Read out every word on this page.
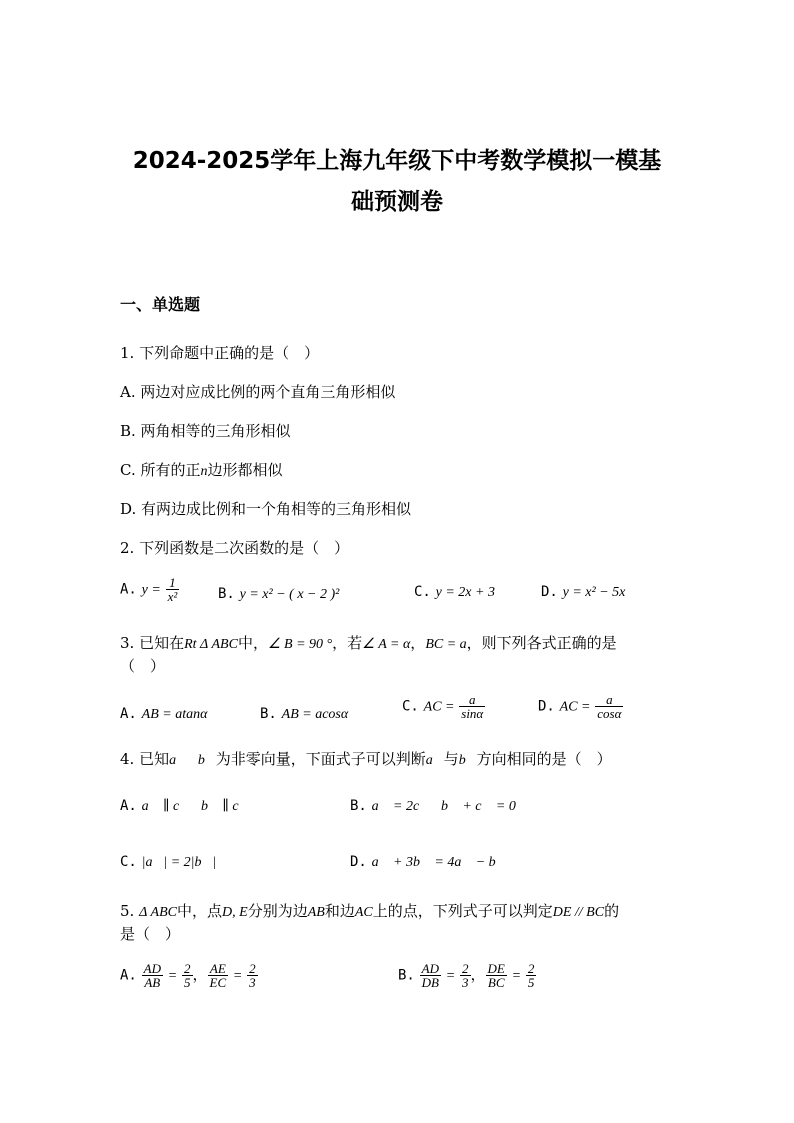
2024-2025学年上海九年级下中考数学模拟一模基
础预测卷
一、单选题
1. 下列命题中正确的是（　）
A. 两边对应成比例的两个直角三角形相似
B. 两角相等的三角形相似
C. 所有的正n边形都相似
D. 有两边成比例和一个角相等的三角形相似
2. 下列函数是二次函数的是（　）
A. $y = \frac{1}{\text{x²}}$	B. y = x² − ( x − 2 )²	C. y = 2x + 3	D. y = x² − 5x
3. 已知在Rt Δ ABC中，∠ B = 90 °，若∠ A = α，BC = a，则下列各式正确的是
（　）
A. AB = atanα	B. AB = acosα	C. AC = $\frac{a}{\sin\alpha}$	D. AC = $\frac{a}{\cos\alpha}$
4. 已知a⃗，b⃗为非零向量，下面式子可以判断a⃗与b⃗方向相同的是（　）
A. a⃗ ∥ c⃗，b⃗ ∥ c⃗	B. a⃗ = 2c⃗，b⃗ + c⃗ = 0⃗
C. |a⃗| = 2|b⃗|	D. a⃗ + 3b⃗ = 4a⃗ − b⃗
5. Δ ABC中，点D, E分别为边AB和边AC上的点，下列式子可以判定DE // BC的
是（　）
A. $\frac{AD}{AB} = \frac{2}{5}$ ， $\frac{AE}{EC} = \frac{2}{3}$	B. $\frac{AD}{DB} = \frac{2}{3}$ ， $\frac{DE}{BC} = \frac{2}{5}$
